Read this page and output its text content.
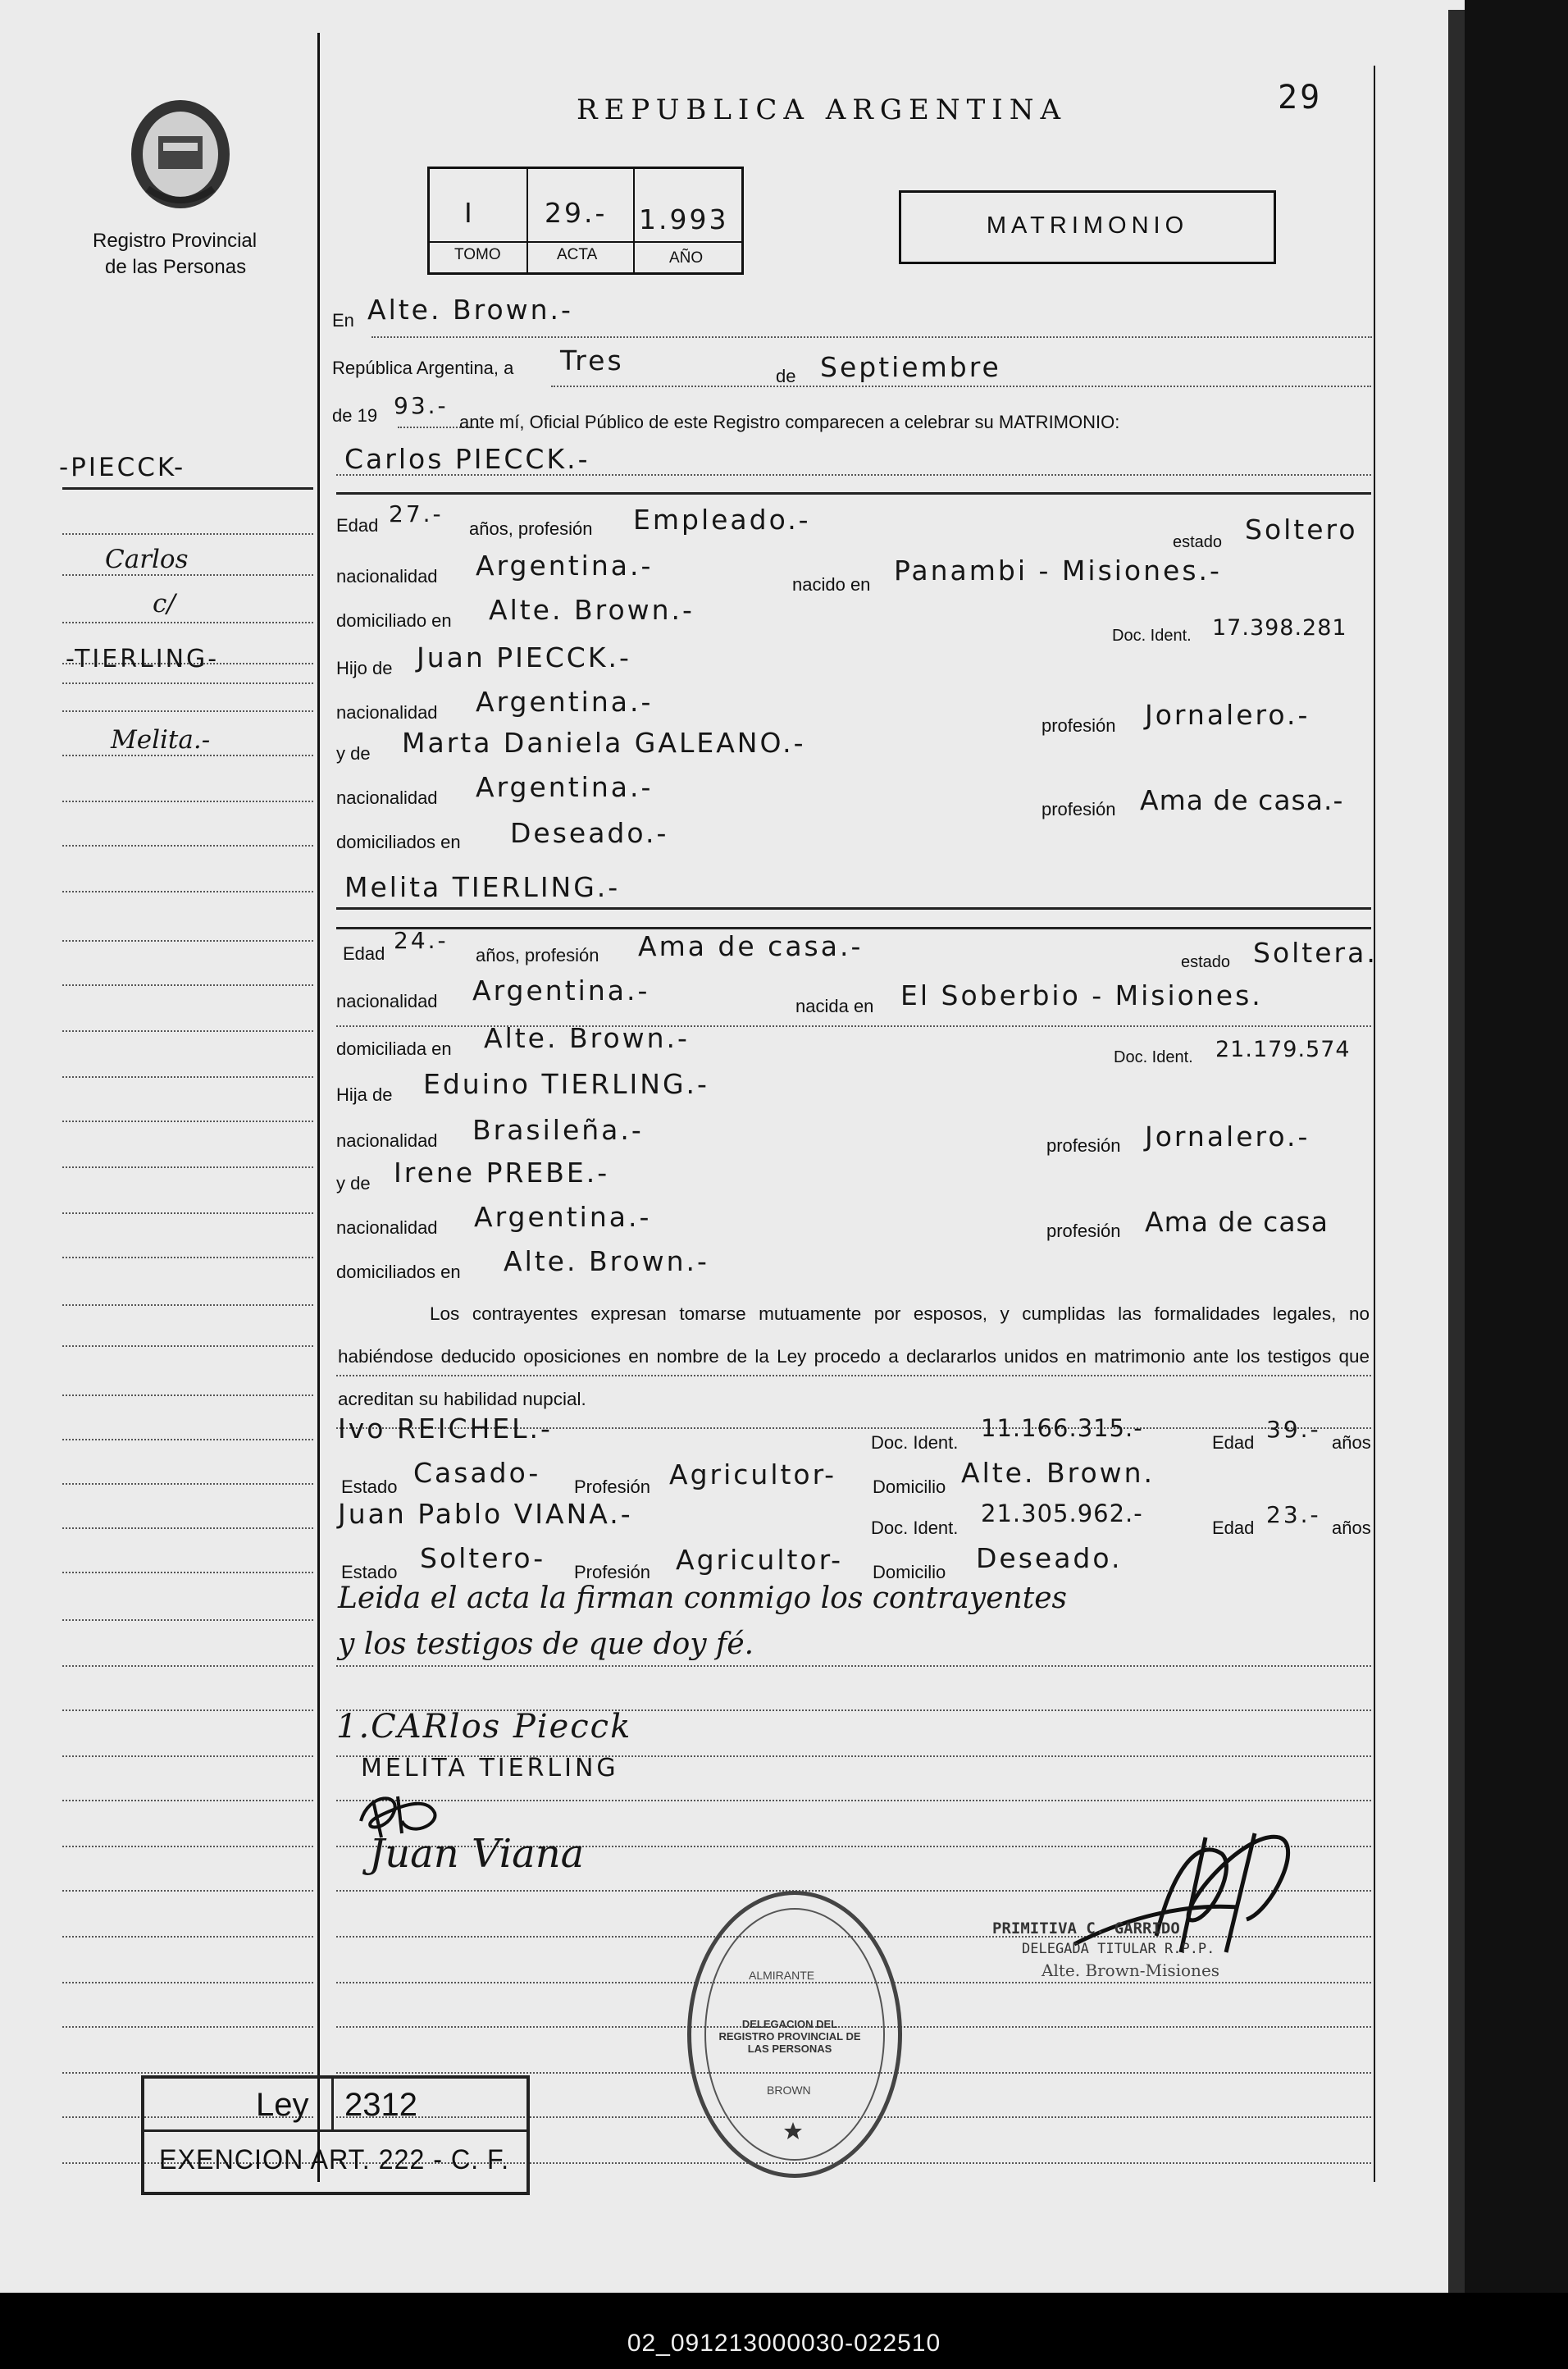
02_091213000030-022510
Registro Provincial
de las Personas
REPUBLICA ARGENTINA	29
I	29.- 1.993
TOMO	ACTA	AÑO
MATRIMONIO
-PIECCK-
Carlos
c/
-TIERLING-
Melita.-
En Alte. Brown.-
República Argentina, a Tres	de Septiembre
de 19 93.-
ante mí, Oficial Público de este Registro comparecen a celebrar su MATRIMONIO:
Carlos PIECCK.-
Edad 27.-
años, profesión Empleado.-
estado Soltero
nacionalidad Argentina.-
nacido en Panambi - Misiones.-
domiciliado en Alte. Brown.-
Doc. Ident. 17.398.281
Hijo de Juan PIECCK.-
nacionalidad Argentina.-
profesión Jornalero.-
y de Marta Daniela GALEANO.-
nacionalidad Argentina.-
profesión Ama de casa.-
domiciliados en Deseado.-
Melita TIERLING.-
Edad 24.-
años, profesión Ama de casa.-	estado Soltera.
nacionalidad Argentina.-	nacida en El Soberbio - Misiones.
domiciliada en Alte. Brown.-
Doc. Ident. 21.179.574
Hija de Eduino TIERLING.-
nacionalidad Brasileña.-	profesión Jornalero.-
y de Irene PREBE.-
nacionalidad Argentina.-	profesión Ama de casa
domiciliados en Alte. Brown.-
Los contrayentes expresan tomarse mutuamente por esposos, y cumplidas las formalidades legales, no habiéndose deducido oposiciones en nombre de la Ley procedo a declararlos unidos en matrimonio ante los testigos que acreditan su habilidad nupcial.
Ivo REICHEL.-	Doc. Ident.
11.166.315.-
Edad 39.- años
Estado Casado- Profesión Agricultor- Domicilio Alte. Brown.
Juan Pablo VIANA.-	Doc. Ident.
21.305.962.-
Edad 23.- años
Estado Soltero- Profesión Agricultor- Domicilio Deseado.
Leida el acta la firman conmigo los contrayentes
y los testigos de que doy fé.
1.CARlos Piecck
MELITA TIERLING
Juan Viana
PRIMITIVA C. GARRIDO
DELEGADA TITULAR R.P.P.
Alte. Brown-Misiones
DELEGACION DEL REGISTRO PROVINCIAL DE LAS PERSONAS
ALMIRANTE
BROWN
Ley 2312
EXENCION ART. 222 - C. F.
